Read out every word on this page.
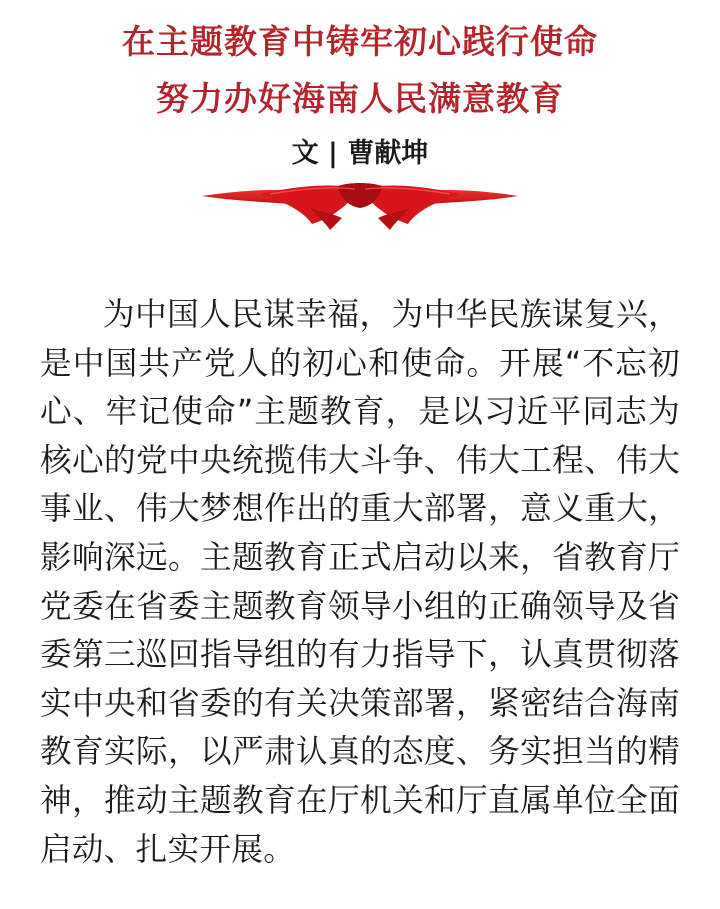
在主题教育中铸牢初心践行使命
努力办好海南人民满意教育
文 | 曹献坤

为中国人民谋幸福，为中华民族谋复兴，是中国共产党人的初心和使命。开展“不忘初心、牢记使命”主题教育，是以习近平同志为核心的党中央统揽伟大斗争、伟大工程、伟大事业、伟大梦想作出的重大部署，意义重大，影响深远。主题教育正式启动以来，省教育厅党委在省委主题教育领导小组的正确领导及省委第三巡回指导组的有力指导下，认真贯彻落实中央和省委的有关决策部署，紧密结合海南教育实际，以严肃认真的态度、务实担当的精神，推动主题教育在厅机关和厅直属单位全面启动、扎实开展。
